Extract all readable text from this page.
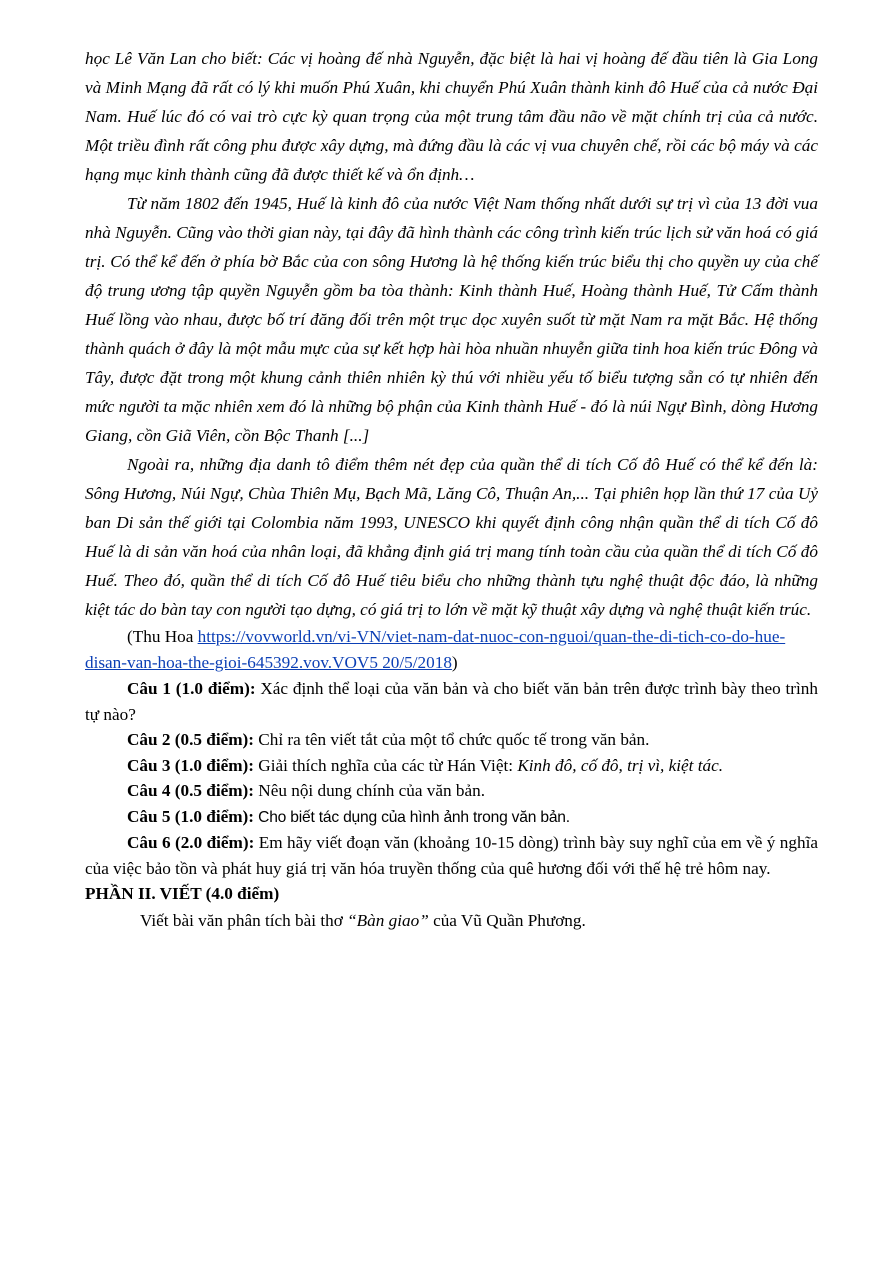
học Lê Văn Lan cho biết: Các vị hoàng đế nhà Nguyễn, đặc biệt là hai vị hoàng đế đầu tiên là Gia Long và Minh Mạng đã rất có lý khi muốn Phú Xuân, khi chuyển Phú Xuân thành kinh đô Huế của cả nước Đại Nam. Huế lúc đó có vai trò cực kỳ quan trọng của một trung tâm đầu não về mặt chính trị của cả nước. Một triều đình rất công phu được xây dựng, mà đứng đầu là các vị vua chuyên chế, rồi các bộ máy và các hạng mục kinh thành cũng đã được thiết kế và ổn định…

Từ năm 1802 đến 1945, Huế là kinh đô của nước Việt Nam thống nhất dưới sự trị vì của 13 đời vua nhà Nguyễn. Cũng vào thời gian này, tại đây đã hình thành các công trình kiến trúc lịch sử văn hoá có giá trị. Có thể kể đến ở phía bờ Bắc của con sông Hương là hệ thống kiến trúc biểu thị cho quyền uy của chế độ trung ương tập quyền Nguyễn gồm ba tòa thành: Kinh thành Huế, Hoàng thành Huế, Tử Cấm thành Huế lồng vào nhau, được bố trí đăng đối trên một trục dọc xuyên suốt từ mặt Nam ra mặt Bắc. Hệ thống thành quách ở đây là một mẫu mực của sự kết hợp hài hòa nhuần nhuyễn giữa tinh hoa kiến trúc Đông và Tây, được đặt trong một khung cảnh thiên nhiên kỳ thú với nhiều yếu tố biểu tượng sẵn có tự nhiên đến mức người ta mặc nhiên xem đó là những bộ phận của Kinh thành Huế - đó là núi Ngự Bình, dòng Hương Giang, cồn Giã Viên, cồn Bộc Thanh [...]

Ngoài ra, những địa danh tô điểm thêm nét đẹp của quần thể di tích Cố đô Huế có thể kể đến là: Sông Hương, Núi Ngự, Chùa Thiên Mụ, Bạch Mã, Lăng Cô, Thuận An,... Tại phiên họp lần thứ 17 của Uỷ ban Di sản thế giới tại Colombia năm 1993, UNESCO khi quyết định công nhận quần thể di tích Cố đô Huế là di sản văn hoá của nhân loại, đã khẳng định giá trị mang tính toàn cầu của quần thể di tích Cố đô Huế. Theo đó, quần thể di tích Cố đô Huế tiêu biểu cho những thành tựu nghệ thuật độc đáo, là những kiệt tác do bàn tay con người tạo dựng, có giá trị to lớn về mặt kỹ thuật xây dựng và nghệ thuật kiến trúc.

(Thu Hoa https://vovworld.vn/vi-VN/viet-nam-dat-nuoc-con-nguoi/quan-the-di-tich-co-do-hue-disan-van-hoa-the-gioi-645392.vov.VOV5 20/5/2018)

Câu 1 (1.0 điểm): Xác định thể loại của văn bản và cho biết văn bản trên được trình bày theo trình tự nào?

Câu 2 (0.5 điểm): Chỉ ra tên viết tắt của một tổ chức quốc tế trong văn bản.

Câu 3 (1.0 điểm): Giải thích nghĩa của các từ Hán Việt: Kinh đô, cố đô, trị vì, kiệt tác.

Câu 4 (0.5 điểm): Nêu nội dung chính của văn bản.

Câu 5 (1.0 điểm): Cho biết tác dụng của hình ảnh trong văn bản.

Câu 6 (2.0 điểm): Em hãy viết đoạn văn (khoảng 10-15 dòng) trình bày suy nghĩ của em về ý nghĩa của việc bảo tồn và phát huy giá trị văn hóa truyền thống của quê hương đối với thế hệ trẻ hôm nay.

PHẦN II. VIẾT (4.0 điểm)

Viết bài văn phân tích bài thơ “Bàn giao” của Vũ Quần Phương.
